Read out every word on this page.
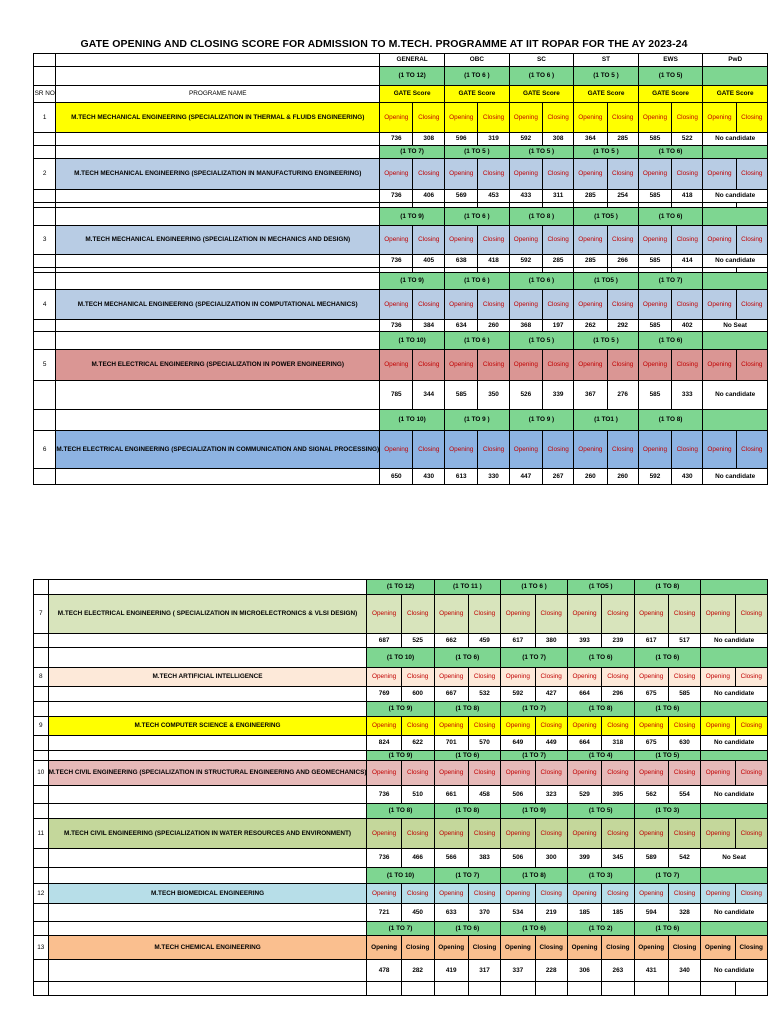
GATE OPENING AND CLOSING SCORE FOR ADMISSION TO M.TECH. PROGRAMME AT IIT ROPAR FOR THE AY 2023-24
		GENERAL		OBC		SC		ST		EWS		PwD	
		(1 TO 12)		(1 TO 6 )		(1 TO 6 )		(1 TO 5 )		(1 TO 5)			
SR NO	PROGRAME NAME	GATE Score		GATE Score		GATE Score		GATE Score		GATE Score		GATE Score	
1	M.TECH MECHANICAL ENGINEERING (SPECIALIZATION IN THERMAL & FLUIDS ENGINEERING)	Opening	Closing	Opening	Closing	Opening	Closing	Opening	Closing	Opening	Closing	Opening	Closing
		736	308	596	319	592	308	364	285	585	522	No candidate	
		(1 TO 7)		(1 TO 5 )		(1 TO 5 )		(1 TO 5 )		(1 TO 6)			
2	M.TECH MECHANICAL ENGINEERING (SPECIALIZATION IN MANUFACTURING ENGINEERING)	Opening	Closing	Opening	Closing	Opening	Closing	Opening	Closing	Opening	Closing	Opening	Closing
		736	406	569	453	433	311	285	254	585	418	No candidate	

		(1 TO 9)		(1 TO 6 )		(1 TO 8 )		(1 TO5 )		(1 TO 6)			
3	M.TECH MECHANICAL ENGINEERING (SPECIALIZATION IN MECHANICS AND DESIGN)	Opening	Closing	Opening	Closing	Opening	Closing	Opening	Closing	Opening	Closing	Opening	Closing
		736	405	638	418	592	285	285	266	585	414	No candidate	

		(1 TO 9)		(1 TO 6 )		(1 TO 6 )		(1 TO5 )		(1 TO 7)			
4	M.TECH MECHANICAL ENGINEERING (SPECIALIZATION IN COMPUTATIONAL MECHANICS)	Opening	Closing	Opening	Closing	Opening	Closing	Opening	Closing	Opening	Closing	Opening	Closing
		736	384	634	260	368	197	262	292	585	402	No Seat	
		(1 TO 10)		(1 TO 6 )		(1 TO 5 )		(1 TO 5 )		(1 TO 6)			
5	M.TECH ELECTRICAL ENGINEERING (SPECIALIZATION IN POWER ENGINEERING)	Opening	Closing	Opening	Closing	Opening	Closing	Opening	Closing	Opening	Closing	Opening	Closing
		785	344	585	350	526	339	367	276	585	333	No candidate	
		(1 TO 10)		(1 TO 9 )		(1 TO 9 )		(1 TO1 )		(1 TO 8)			
6	M.TECH ELECTRICAL ENGINEERING (SPECIALIZATION IN COMMUNICATION AND SIGNAL PROCESSING)	Opening	Closing	Opening	Closing	Opening	Closing	Opening	Closing	Opening	Closing	Opening	Closing
		650	430	613	330	447	267	260	260	592	430	No candidate	
		(1 TO 12)		(1 TO 11 )		(1 TO 6 )		(1 TO5 )		(1 TO 8)			
7	M.TECH ELECTRICAL ENGINEERING ( SPECIALIZATION IN MICROELECTRONICS & VLSI DESIGN)	Opening	Closing	Opening	Closing	Opening	Closing	Opening	Closing	Opening	Closing	Opening	Closing
		687	525	662	459	617	380	393	239	617	517	No candidate	
		(1 TO 10)		(1 TO 6)		(1 TO 7)		(1 TO 6)		(1 TO 6)			
8	M.TECH ARTIFICIAL INTELLIGENCE	Opening	Closing	Opening	Closing	Opening	Closing	Opening	Closing	Opening	Closing	Opening	Closing
		769	600	667	532	592	427	664	296	675	585	No candidate	
		(1 TO 9)		(1 TO 8)		(1 TO 7)		(1 TO 8)		(1 TO 6)			
9	M.TECH COMPUTER SCIENCE & ENGINEERING	Opening	Closing	Opening	Closing	Opening	Closing	Opening	Closing	Opening	Closing	Opening	Closing
		824	622	701	570	649	449	664	318	675	630	No candidate	
		(1 TO 9)		(1 TO 6)		(1 TO 7)		(1 TO 4)		(1 TO 5)			
10	M.TECH CIVIL ENGINEERING (SPECIALIZATION IN STRUCTURAL ENGINEERING AND GEOMECHANICS)	Opening	Closing	Opening	Closing	Opening	Closing	Opening	Closing	Opening	Closing	Opening	Closing
		736	510	661	458	506	323	529	395	562	554	No candidate	
		(1 TO 8)		(1 TO 8)		(1 TO 9)		(1 TO 5)		(1 TO 3)			
11	M.TECH CIVIL ENGINEERING (SPECIALIZATION IN WATER RESOURCES AND ENVIRONMENT)	Opening	Closing	Opening	Closing	Opening	Closing	Opening	Closing	Opening	Closing	Opening	Closing
		736	466	566	383	506	300	399	345	589	542	No Seat	
		(1 TO 10)		(1 TO 7)		(1 TO 8)		(1 TO 3)		(1 TO 7)			
12	M.TECH BIOMEDICAL ENGINEERING	Opening	Closing	Opening	Closing	Opening	Closing	Opening	Closing	Opening	Closing	Opening	Closing
		721	450	633	370	534	219	185	185	594	328	No candidate	
		(1 TO 7)		(1 TO 6)		(1 TO 6)		(1 TO 2)		(1 TO 6)			
13	M.TECH CHEMICAL ENGINEERING	Opening	Closing	Opening	Closing	Opening	Closing	Opening	Closing	Opening	Closing	Opening	Closing
		478	282	419	317	337	228	306	263	431	340	No candidate	
